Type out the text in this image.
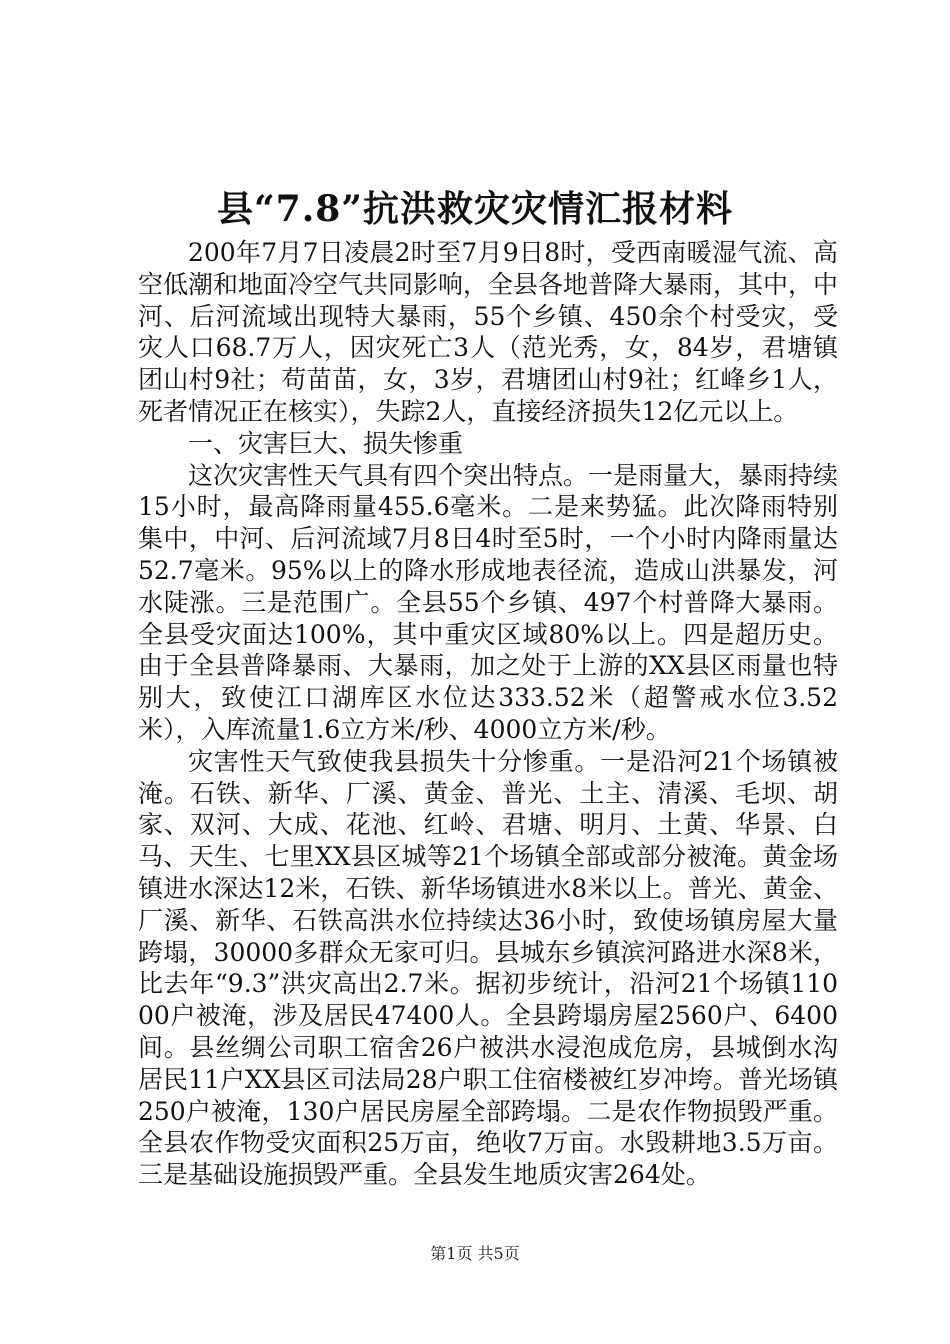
县“7.8”抗洪救灾灾情汇报材料

200年7月7日凌晨2时至7月9日8时，受西南暖湿气流、高空低潮和地面冷空气共同影响，全县各地普降大暴雨，其中，中河、后河流域出现特大暴雨，55个乡镇、450余个村受灾，受灾人口68.7万人，因灾死亡3人（范光秀，女，84岁，君塘镇团山村9社；苟苗苗，女，3岁，君塘团山村9社；红峰乡1人，死者情况正在核实），失踪2人，直接经济损失12亿元以上。

一、灾害巨大、损失惨重

这次灾害性天气具有四个突出特点。一是雨量大，暴雨持续15小时，最高降雨量455.6毫米。二是来势猛。此次降雨特别集中，中河、后河流域7月8日4时至5时，一个小时内降雨量达52.7毫米。95%以上的降水形成地表径流，造成山洪暴发，河水陡涨。三是范围广。全县55个乡镇、497个村普降大暴雨。全县受灾面达100%，其中重灾区域80%以上。四是超历史。由于全县普降暴雨、大暴雨，加之处于上游的XX县区雨量也特别大，致使江口湖库区水位达333.52米（超警戒水位3.52米），入库流量1.6立方米/秒、4000立方米/秒。

灾害性天气致使我县损失十分惨重。一是沿河21个场镇被淹。石铁、新华、厂溪、黄金、普光、土主、清溪、毛坝、胡家、双河、大成、花池、红岭、君塘、明月、土黄、华景、白马、天生、七里XX县区城等21个场镇全部或部分被淹。黄金场镇进水深达12米，石铁、新华场镇进水8米以上。普光、黄金、厂溪、新华、石铁高洪水位持续达36小时，致使场镇房屋大量跨塌，30000多群众无家可归。县城东乡镇滨河路进水深8米，比去年“9.3”洪灾高出2.7米。据初步统计，沿河21个场镇11000户被淹，涉及居民47400人。全县跨塌房屋2560户、6400间。县丝绸公司职工宿舍26户被洪水浸泡成危房，县城倒水沟居民11户XX县区司法局28户职工住宿楼被红岁冲垮。普光场镇250户被淹，130户居民房屋全部跨塌。二是农作物损毁严重。全县农作物受灾面积25万亩，绝收7万亩。水毁耕地3.5万亩。三是基础设施损毁严重。全县发生地质灾害264处。

第1页 共5页
